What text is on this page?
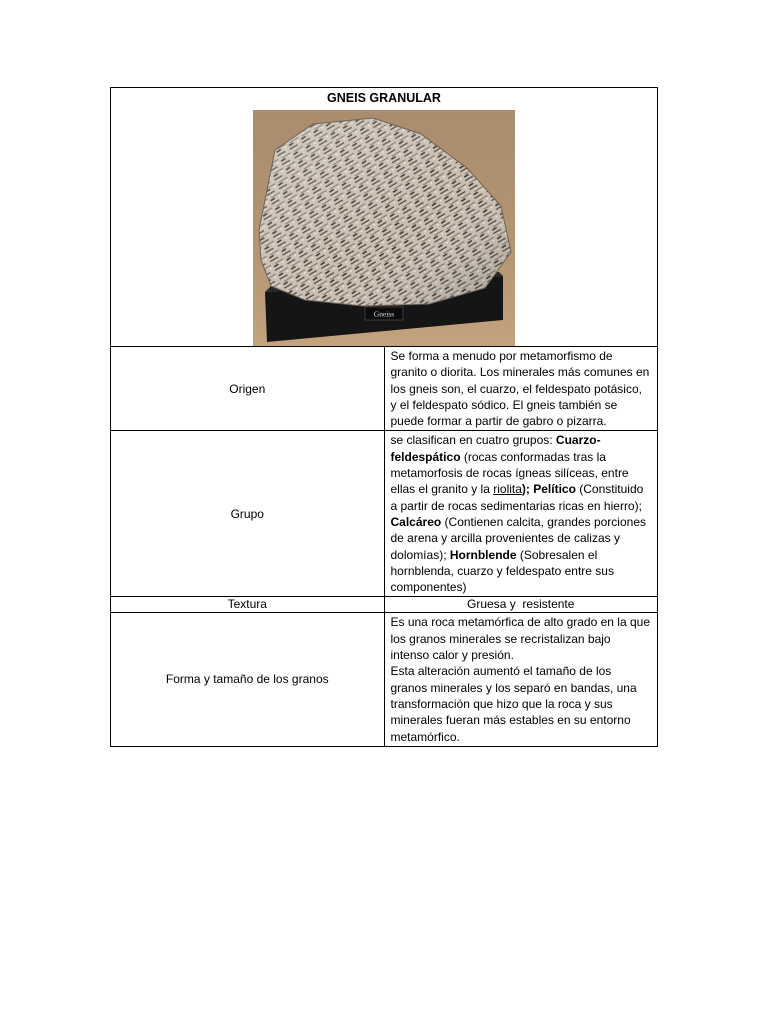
GNEIS GRANULAR
Gneiss	

Origen	Se forma a menudo por metamorfismo de granito o diorita. Los minerales más comunes en los gneis son, el cuarzo, el feldespato potásico, y el feldespato sódico. El gneis también se puede formar a partir de gabro o pizarra.
Grupo	se clasifican en cuatro grupos: Cuarzo-feldespático (rocas conformadas tras la metamorfosis de rocas ígneas silíceas, entre ellas el granito y la riolita); Pelítico (Constituido a partir de rocas sedimentarias ricas en hierro); Calcáreo (Contienen calcita, grandes porciones de arena y arcilla provenientes de calizas y dolomías); Hornblende (Sobresalen el hornblenda, cuarzo y feldespato entre sus componentes)
Textura	Gruesa y  resistente
Forma y tamaño de los granos	Es una roca metamórfica de alto grado en la que los granos minerales se recristalizan bajo intenso calor y presión.
Esta alteración aumentó el tamaño de los granos minerales y los separó en bandas, una transformación que hizo que la roca y sus minerales fueran más estables en su entorno metamórfico.
